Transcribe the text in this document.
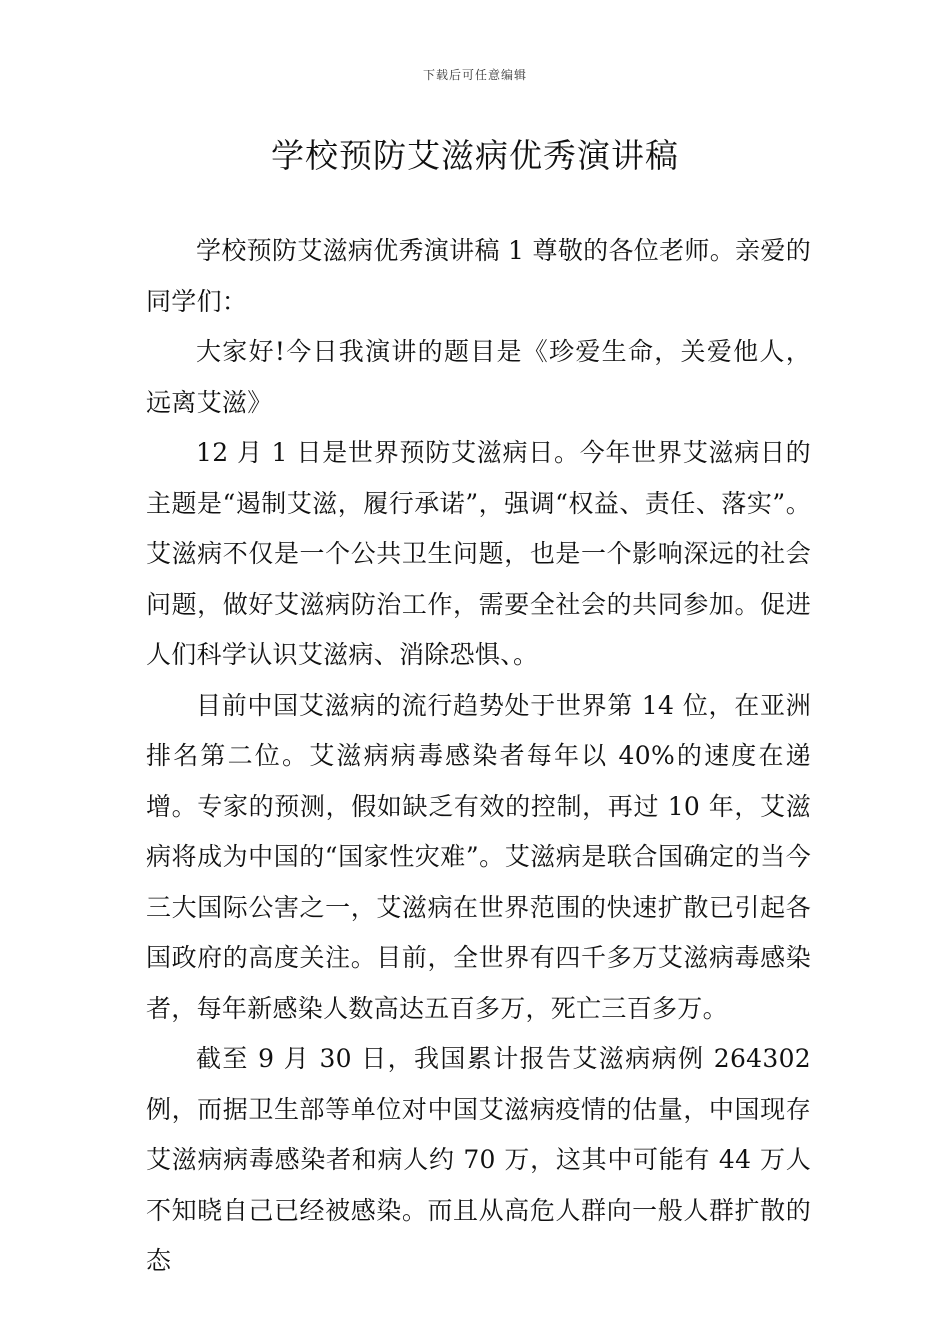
下载后可任意编辑
学校预防艾滋病优秀演讲稿

学校预防艾滋病优秀演讲稿 1 尊敬的各位老师。亲爱的同学们：

大家好!今日我演讲的题目是《珍爱生命，关爱他人，远离艾滋》

12 月 1 日是世界预防艾滋病日。今年世界艾滋病日的主题是“遏制艾滋，履行承诺”，强调“权益、责任、落实”。艾滋病不仅是一个公共卫生问题，也是一个影响深远的社会问题，做好艾滋病防治工作，需要全社会的共同参加。促进人们科学认识艾滋病、消除恐惧、。

目前中国艾滋病的流行趋势处于世界第 14 位，在亚洲排名第二位。艾滋病病毒感染者每年以 40%的速度在递增。专家的预测，假如缺乏有效的控制，再过 10 年，艾滋病将成为中国的“国家性灾难”。艾滋病是联合国确定的当今三大国际公害之一，艾滋病在世界范围的快速扩散已引起各国政府的高度关注。目前，全世界有四千多万艾滋病毒感染者，每年新感染人数高达五百多万，死亡三百多万。

截至 9 月 30 日，我国累计报告艾滋病病例 264302 例，而据卫生部等单位对中国艾滋病疫情的估量，中国现存艾滋病病毒感染者和病人约 70 万，这其中可能有 44 万人不知晓自己已经被感染。而且从高危人群向一般人群扩散的态
